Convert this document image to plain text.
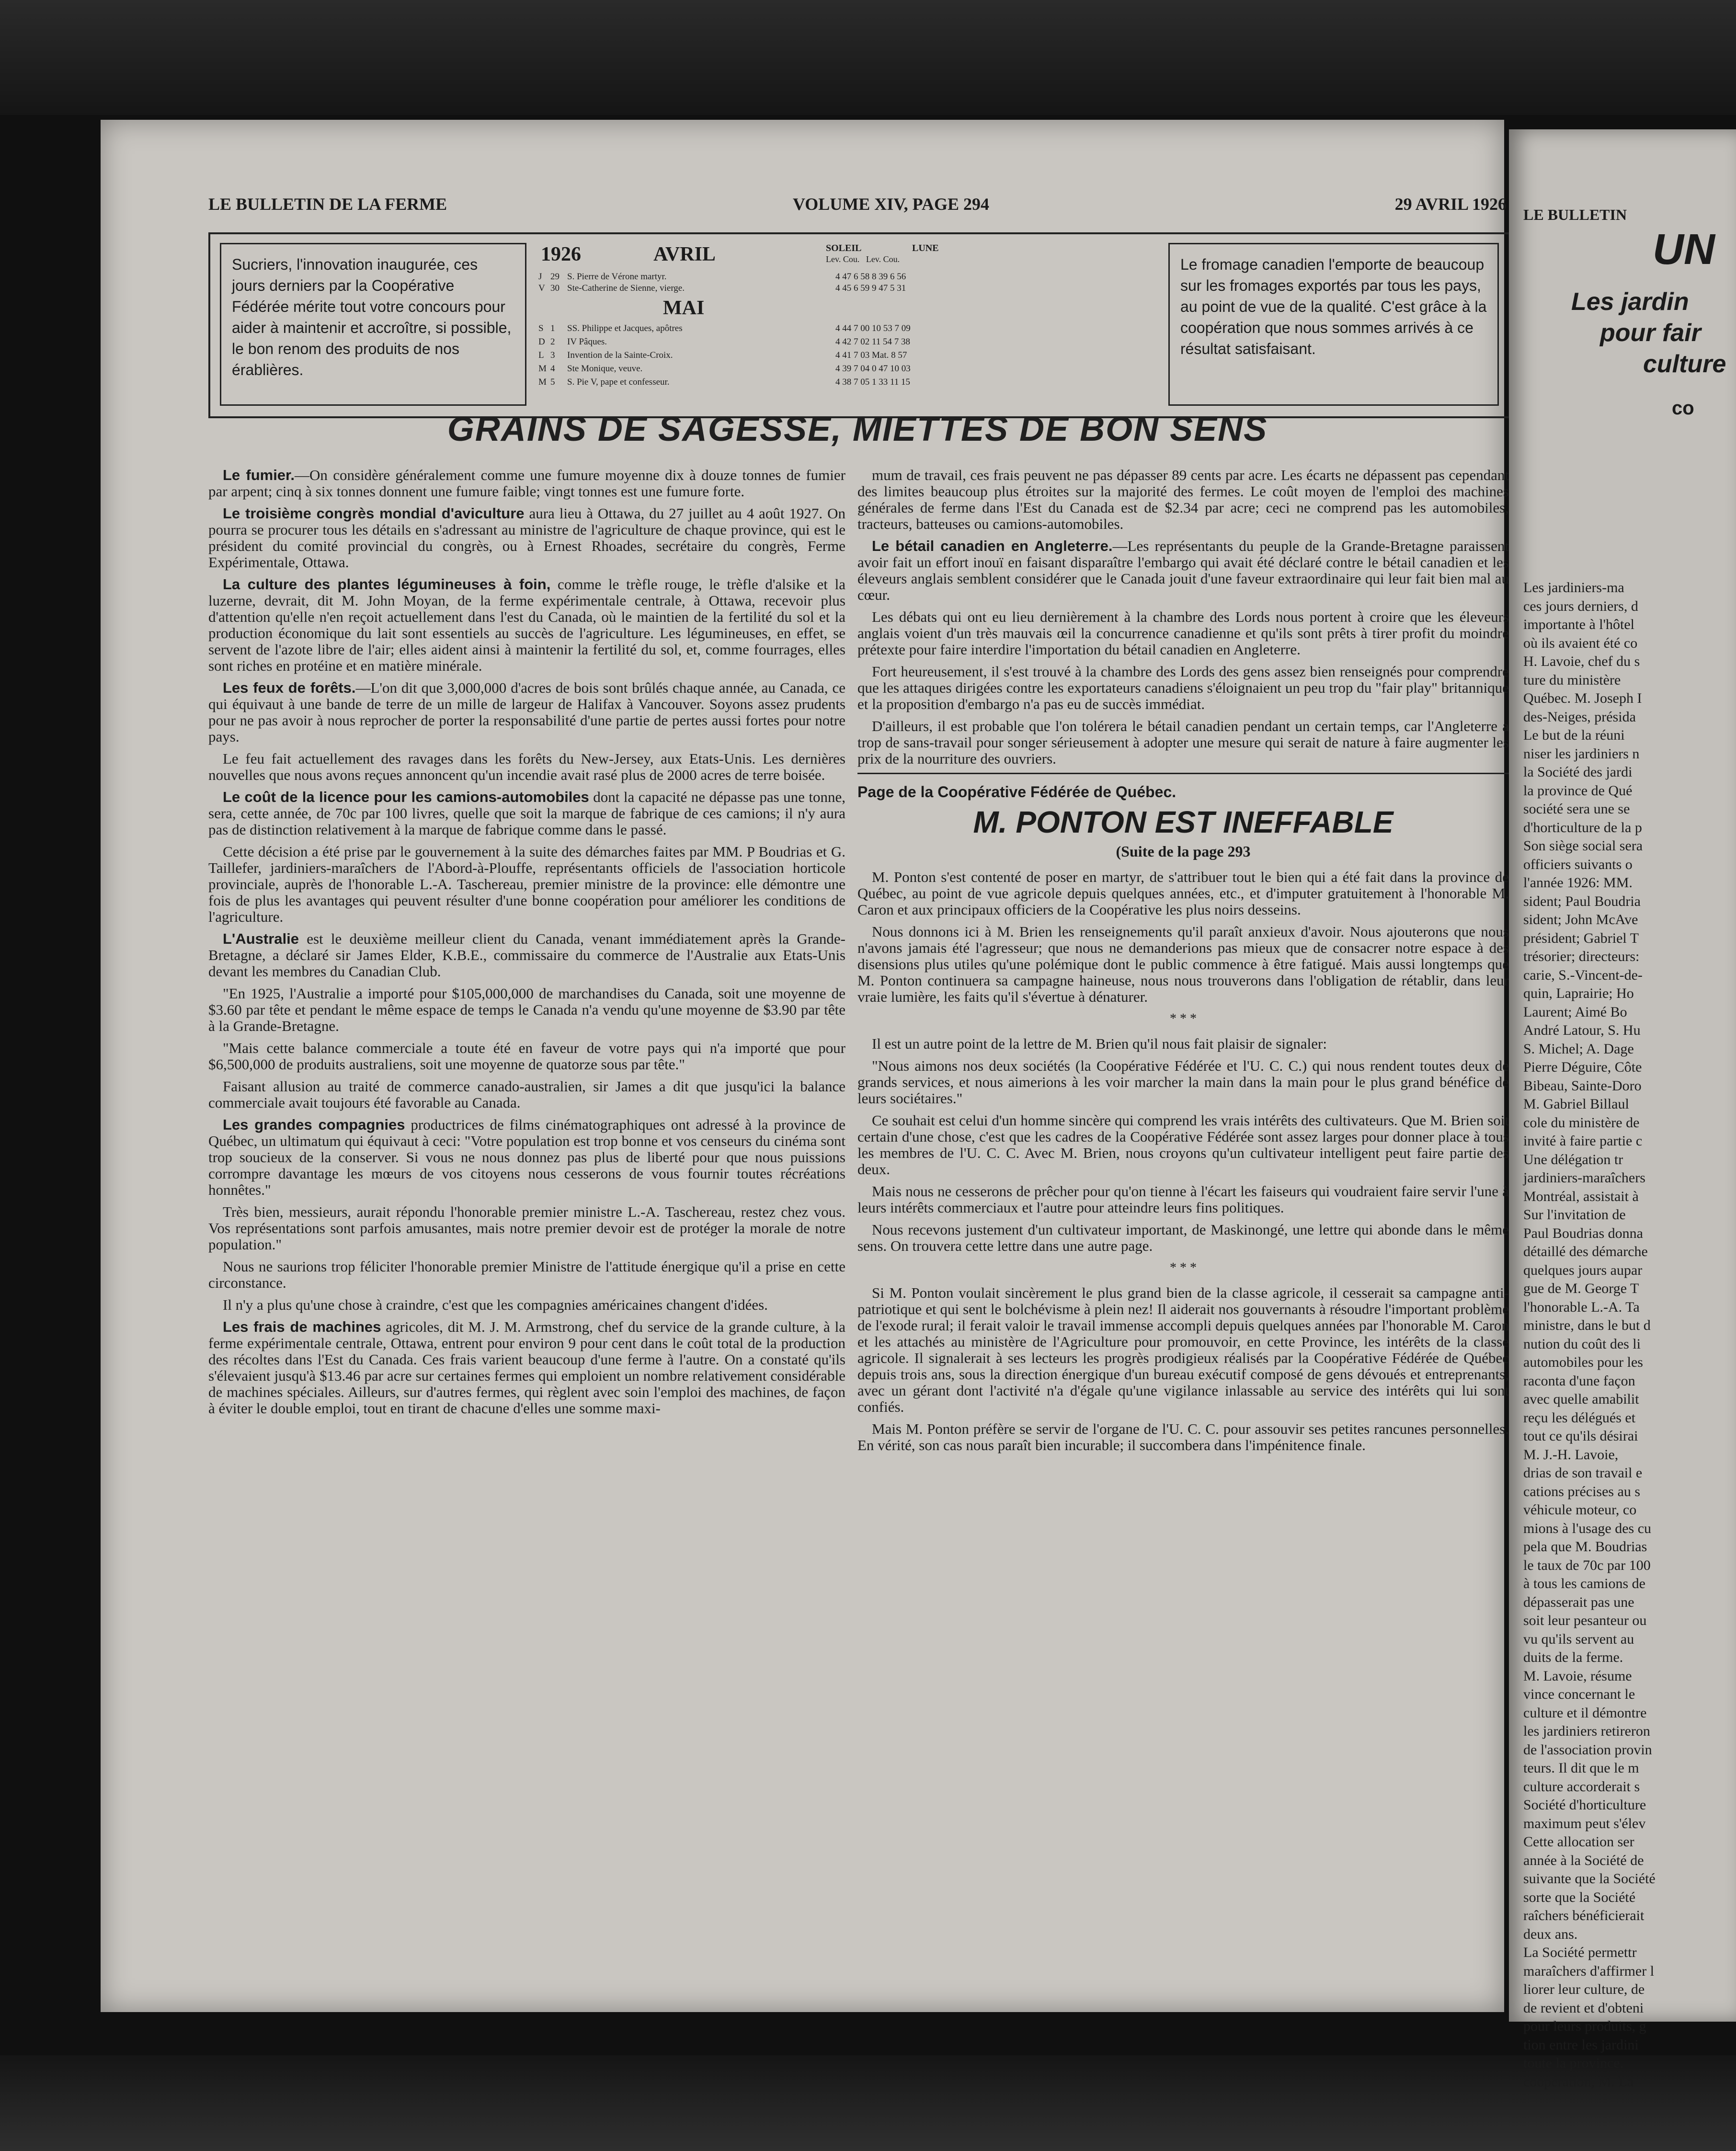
LE BULLETIN DE LA FERME	VOLUME XIV, PAGE 294	29 AVRIL 1926
Sucriers, l'innovation inaugurée, ces jours derniers par la Coopérative Fédérée mérite tout votre concours pour aider à maintenir et accroître, si possible, le bon renom des produits de nos érablières.
1926	AVRIL	SOLEIL	LUNE
Lev. Cou.   Lev. Cou.
J 29 S. Pierre de Vérone martyr.	4 47 6 58 8 39 6 56
V 30 Ste-Catherine de Sienne, vierge.	4 45 6 59 9 47 5 31
MAI
S 1	SS. Philippe et Jacques, apôtres	4 44 7 00 10 53 7 09
D 2	IV Pâques.	4 42 7 02 11 54 7 38
L 3	Invention de la Sainte-Croix.	4 41 7 03 Mat. 8 57
M 4	Ste Monique, veuve.	4 39 7 04 0 47 10 03
M 5	S. Pie V, pape et confesseur.	4 38 7 05 1 33 11 15
Le fromage canadien l'emporte de beaucoup sur les fromages exportés par tous les pays, au point de vue de la qualité. C'est grâce à la coopération que nous sommes arrivés à ce résultat satisfaisant.
GRAINS DE SAGESSE, MIETTES DE BON SENS

Le fumier.—On considère généralement comme une fumure moyenne dix à douze tonnes de fumier par arpent; cinq à six tonnes donnent une fumure faible; vingt tonnes est une fumure forte.

Le troisième congrès mondial d'aviculture aura lieu à Ottawa, du 27 juillet au 4 août 1927. On pourra se procurer tous les détails en s'adressant au ministre de l'agriculture de chaque province, qui est le président du comité provincial du congrès, ou à Ernest Rhoades, secrétaire du congrès, Ferme Expérimentale, Ottawa.

La culture des plantes légumineuses à foin, comme le trèfle rouge, le trèfle d'alsike et la luzerne, devrait, dit M. John Moyan, de la ferme expérimentale centrale, à Ottawa, recevoir plus d'attention qu'elle n'en reçoit actuellement dans l'est du Canada, où le maintien de la fertilité du sol et la production économique du lait sont essentiels au succès de l'agriculture. Les légumineuses, en effet, se servent de l'azote libre de l'air; elles aident ainsi à maintenir la fertilité du sol, et, comme fourrages, elles sont riches en protéine et en matière minérale.

Les feux de forêts.—L'on dit que 3,000,000 d'acres de bois sont brûlés chaque année, au Canada, ce qui équivaut à une bande de terre de un mille de largeur de Halifax à Vancouver. Soyons assez prudents pour ne pas avoir à nous reprocher de porter la responsabilité d'une partie de pertes aussi fortes pour notre pays.

Le feu fait actuellement des ravages dans les forêts du New-Jersey, aux Etats-Unis. Les dernières nouvelles que nous avons reçues annoncent qu'un incendie avait rasé plus de 2000 acres de terre boisée.

Le coût de la licence pour les camions-automobiles dont la capacité ne dépasse pas une tonne, sera, cette année, de 70c par 100 livres, quelle que soit la marque de fabrique de ces camions; il n'y aura pas de distinction relativement à la marque de fabrique comme dans le passé.

Cette décision a été prise par le gouvernement à la suite des démarches faites par MM. P Boudrias et G. Taillefer, jardiniers-maraîchers de l'Abord-à-Plouffe, représentants officiels de l'association horticole provinciale, auprès de l'honorable L.-A. Taschereau, premier ministre de la province: elle démontre une fois de plus les avantages qui peuvent résulter d'une bonne coopération pour améliorer les conditions de l'agriculture.

L'Australie est le deuxième meilleur client du Canada, venant immédiatement après la Grande-Bretagne, a déclaré sir James Elder, K.B.E., commissaire du commerce de l'Australie aux Etats-Unis devant les membres du Canadian Club.

"En 1925, l'Australie a importé pour $105,000,000 de marchandises du Canada, soit une moyenne de $3.60 par tête et pendant le même espace de temps le Canada n'a vendu qu'une moyenne de $3.90 par tête à la Grande-Bretagne.

"Mais cette balance commerciale a toute été en faveur de votre pays qui n'a importé que pour $6,500,000 de produits australiens, soit une moyenne de quatorze sous par tête."

Faisant allusion au traité de commerce canado-australien, sir James a dit que jusqu'ici la balance commerciale avait toujours été favorable au Canada.

Les grandes compagnies productrices de films cinématographiques ont adressé à la province de Québec, un ultimatum qui équivaut à ceci: "Votre population est trop bonne et vos censeurs du cinéma sont trop soucieux de la conserver. Si vous ne nous donnez pas plus de liberté pour que nous puissions corrompre davantage les mœurs de vos citoyens nous cesserons de vous fournir toutes récréations honnêtes."

Très bien, messieurs, aurait répondu l'honorable premier ministre L.-A. Taschereau, restez chez vous. Vos représentations sont parfois amusantes, mais notre premier devoir est de protéger la morale de notre population."

Nous ne saurions trop féliciter l'honorable premier Ministre de l'attitude énergique qu'il a prise en cette circonstance.

Il n'y a plus qu'une chose à craindre, c'est que les compagnies américaines changent d'idées.

Les frais de machines agricoles, dit M. J. M. Armstrong, chef du service de la grande culture, à la ferme expérimentale centrale, Ottawa, entrent pour environ 9 pour cent dans le coût total de la production des récoltes dans l'Est du Canada. Ces frais varient beaucoup d'une ferme à l'autre. On a constaté qu'ils s'élevaient jusqu'à $13.46 par acre sur certaines fermes qui emploient un nombre relativement considérable de machines spéciales. Ailleurs, sur d'autres fermes, qui règlent avec soin l'emploi des machines, de façon à éviter le double emploi, tout en tirant de chacune d'elles une somme maxi-

mum de travail, ces frais peuvent ne pas dépasser 89 cents par acre. Les écarts ne dépassent pas cependant des limites beaucoup plus étroites sur la majorité des fermes. Le coût moyen de l'emploi des machines générales de ferme dans l'Est du Canada est de $2.34 par acre; ceci ne comprend pas les automobiles, tracteurs, batteuses ou camions-automobiles.

Le bétail canadien en Angleterre.—Les représentants du peuple de la Grande-Bretagne paraissent avoir fait un effort inouï en faisant disparaître l'embargo qui avait été déclaré contre le bétail canadien et les éleveurs anglais semblent considérer que le Canada jouit d'une faveur extraordinaire qui leur fait bien mal au cœur.

Les débats qui ont eu lieu dernièrement à la chambre des Lords nous portent à croire que les éleveurs anglais voient d'un très mauvais œil la concurrence canadienne et qu'ils sont prêts à tirer profit du moindre prétexte pour faire interdire l'importation du bétail canadien en Angleterre.

Fort heureusement, il s'est trouvé à la chambre des Lords des gens assez bien renseignés pour comprendre que les attaques dirigées contre les exportateurs canadiens s'éloignaient un peu trop du "fair play" britannique et la proposition d'embargo n'a pas eu de succès immédiat.

D'ailleurs, il est probable que l'on tolérera le bétail canadien pendant un certain temps, car l'Angleterre a trop de sans-travail pour songer sérieusement à adopter une mesure qui serait de nature à faire augmenter les prix de la nourriture des ouvriers.

Page de la Coopérative Fédérée de Québec.
M. PONTON EST INEFFABLE
(Suite de la page 293

M. Ponton s'est contenté de poser en martyr, de s'attribuer tout le bien qui a été fait dans la province de Québec, au point de vue agricole depuis quelques années, etc., et d'imputer gratuitement à l'honorable M. Caron et aux principaux officiers de la Coopérative les plus noirs desseins.

Nous donnons ici à M. Brien les renseignements qu'il paraît anxieux d'avoir. Nous ajouterons que nous n'avons jamais été l'agresseur; que nous ne demanderions pas mieux que de consacrer notre espace à des disensions plus utiles qu'une polémique dont le public commence à être fatigué. Mais aussi longtemps que M. Ponton continuera sa campagne haineuse, nous nous trouverons dans l'obligation de rétablir, dans leur vraie lumière, les faits qu'il s'évertue à dénaturer.

* * *

Il est un autre point de la lettre de M. Brien qu'il nous fait plaisir de signaler:

"Nous aimons nos deux sociétés (la Coopérative Fédérée et l'U. C. C.) qui nous rendent toutes deux de grands services, et nous aimerions à les voir marcher la main dans la main pour le plus grand bénéfice de leurs sociétaires."

Ce souhait est celui d'un homme sincère qui comprend les vrais intérêts des cultivateurs. Que M. Brien soit certain d'une chose, c'est que les cadres de la Coopérative Fédérée sont assez larges pour donner place à tous les membres de l'U. C. C. Avec M. Brien, nous croyons qu'un cultivateur intelligent peut faire partie des deux.

Mais nous ne cesserons de prêcher pour qu'on tienne à l'écart les faiseurs qui voudraient faire servir l'une à leurs intérêts commerciaux et l'autre pour atteindre leurs fins politiques.

Nous recevons justement d'un cultivateur important, de Maskinongé, une lettre qui abonde dans le même sens. On trouvera cette lettre dans une autre page.

* * *

Si M. Ponton voulait sincèrement le plus grand bien de la classe agricole, il cesserait sa campagne anti-patriotique et qui sent le bolchévisme à plein nez! Il aiderait nos gouvernants à résoudre l'important problème de l'exode rural; il ferait valoir le travail immense accompli depuis quelques années par l'honorable M. Caron et les attachés au ministère de l'Agriculture pour promouvoir, en cette Province, les intérêts de la classe agricole. Il signalerait à ses lecteurs les progrès prodigieux réalisés par la Coopérative Fédérée de Québec depuis trois ans, sous la direction énergique d'un bureau exécutif composé de gens dévoués et entreprenants, avec un gérant dont l'activité n'a d'égale qu'une vigilance inlassable au service des intérêts qui lui sont confiés.

Mais M. Ponton préfère se servir de l'organe de l'U. C. C. pour assouvir ses petites rancunes personnelles. En vérité, son cas nous paraît bien incurable; il succombera dans l'impénitence finale.

LE BULLETIN
UN
Les jardin
pour fair
culture
co
Les jardiniers-ma
ces jours derniers, d
importante à l'hôtel
où ils avaient été co
H. Lavoie, chef du s
ture du ministère
Québec. M. Joseph I
des-Neiges, présida
Le but de la réuni
niser les jardiniers n
la Société des jardi
la province de Qué
société sera une se
d'horticulture de la p
Son siège social sera
officiers suivants o
l'année 1926: MM.
sident; Paul Boudria
sident; John McAve
président; Gabriel T
trésorier; directeurs:
carie, S.-Vincent-de-
quin, Laprairie; Ho
Laurent; Aimé Bo
André Latour, S. Hu
S. Michel; A. Dage
Pierre Déguire, Côte
Bibeau, Sainte-Doro
M. Gabriel Billaul
cole du ministère de
invité à faire partie c
Une délégation tr
jardiniers-maraîchers
Montréal, assistait à
Sur l'invitation de
Paul Boudrias donna
détaillé des démarche
quelques jours aupar
gue de M. George T
l'honorable L.-A. Ta
ministre, dans le but d
nution du coût des li
automobiles pour les
raconta d'une façon
avec quelle amabilit
reçu les délégués et
tout ce qu'ils désirai
M. J.-H. Lavoie,
drias de son travail e
cations précises au s
véhicule moteur, co
mions à l'usage des cu
pela que M. Boudrias
le taux de 70c par 100
à tous les camions de
dépasserait pas une
soit leur pesanteur ou
vu qu'ils servent au
duits de la ferme.
M. Lavoie, résume
vince concernant le
culture et il démontre
les jardiniers retireron
de l'association provin
teurs. Il dit que le m
culture accorderait s
Société d'horticulture
maximum peut s'élev
Cette allocation ser
année à la Société de
suivante que la Société
sorte que la Société
raîchers bénéficierait
deux ans.
La Société permettr
maraîchers d'affirmer l
liorer leur culture, de
de revient et d'obteni
pour leurs produits, g
tion entre les jardini
toute la province.
coopération, M. La
